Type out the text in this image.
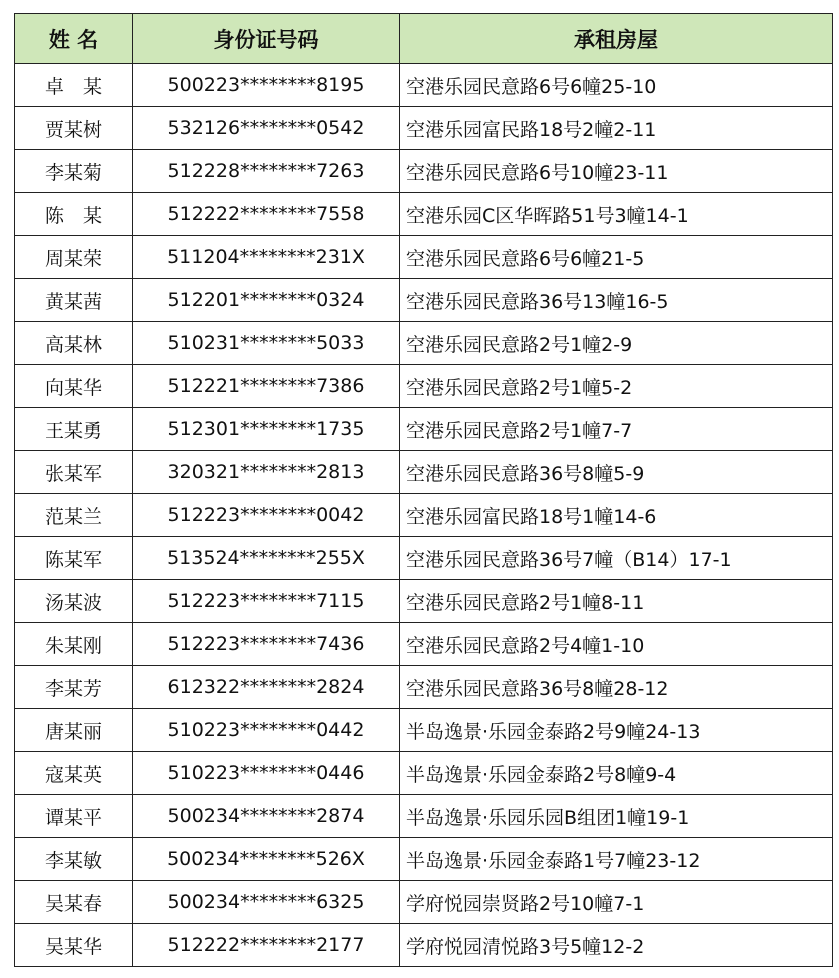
姓 名	身份证号码	承租房屋
卓　某	500223********8195	空港乐园民意路6号6幢25-10
贾某树	532126********0542	空港乐园富民路18号2幢2-11
李某菊	512228********7263	空港乐园民意路6号10幢23-11
陈　某	512222********7558	空港乐园C区华晖路51号3幢14-1
周某荣	511204********231X	空港乐园民意路6号6幢21-5
黄某茜	512201********0324	空港乐园民意路36号13幢16-5
高某林	510231********5033	空港乐园民意路2号1幢2-9
向某华	512221********7386	空港乐园民意路2号1幢5-2
王某勇	512301********1735	空港乐园民意路2号1幢7-7
张某军	320321********2813	空港乐园民意路36号8幢5-9
范某兰	512223********0042	空港乐园富民路18号1幢14-6
陈某军	513524********255X	空港乐园民意路36号7幢（B14）17-1
汤某波	512223********7115	空港乐园民意路2号1幢8-11
朱某刚	512223********7436	空港乐园民意路2号4幢1-10
李某芳	612322********2824	空港乐园民意路36号8幢28-12
唐某丽	510223********0442	半岛逸景·乐园金泰路2号9幢24-13
寇某英	510223********0446	半岛逸景·乐园金泰路2号8幢9-4
谭某平	500234********2874	半岛逸景·乐园乐园B组团1幢19-1
李某敏	500234********526X	半岛逸景·乐园金泰路1号7幢23-12
吴某春	500234********6325	学府悦园崇贤路2号10幢7-1
吴某华	512222********2177	学府悦园清悦路3号5幢12-2
